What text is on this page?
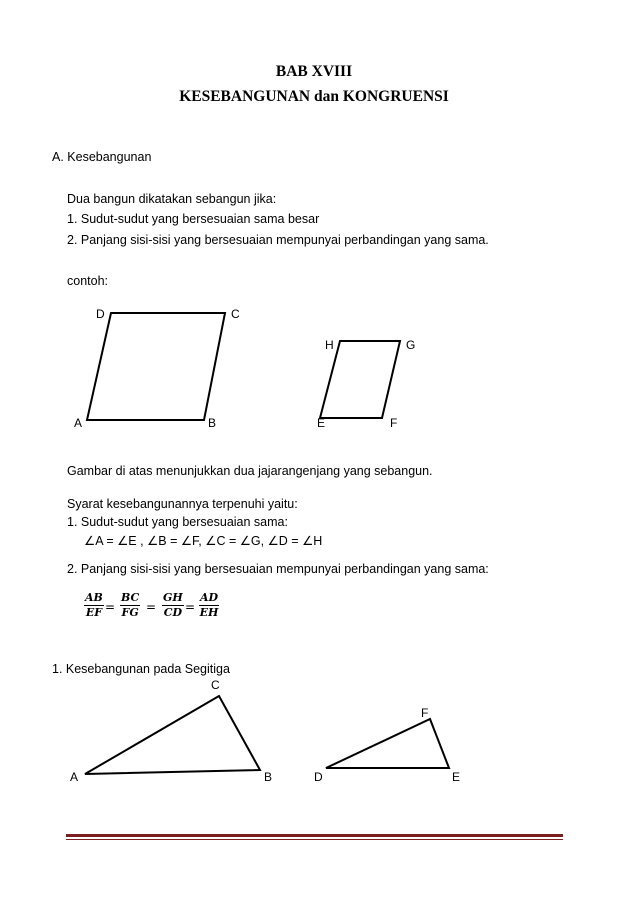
BAB XVIII
KESEBANGUNAN dan KONGRUENSI
A. Kesebangunan
Dua bangun dikatakan sebangun jika:
1. Sudut-sudut yang bersesuaian sama besar
2. Panjang sisi-sisi yang bersesuaian mempunyai perbandingan yang sama.
contoh:
D	C
A	B
H	G
E	F
Gambar di atas menunjukkan dua jajarangenjang yang sebangun.
Syarat kesebangunannya terpenuhi yaitu:
1. Sudut-sudut yang bersesuaian sama:
∠A = ∠E , ∠B = ∠F, ∠C = ∠G, ∠D = ∠H
2. Panjang sisi-sisi yang bersesuaian mempunyai perbandingan yang sama:
$\frac{AB}{EF} = \frac{BC}{FG} = \frac{GH}{CD} = \frac{AD}{EH}$
1. Kesebangunan pada Segitiga
C
A	B
F
D	E
